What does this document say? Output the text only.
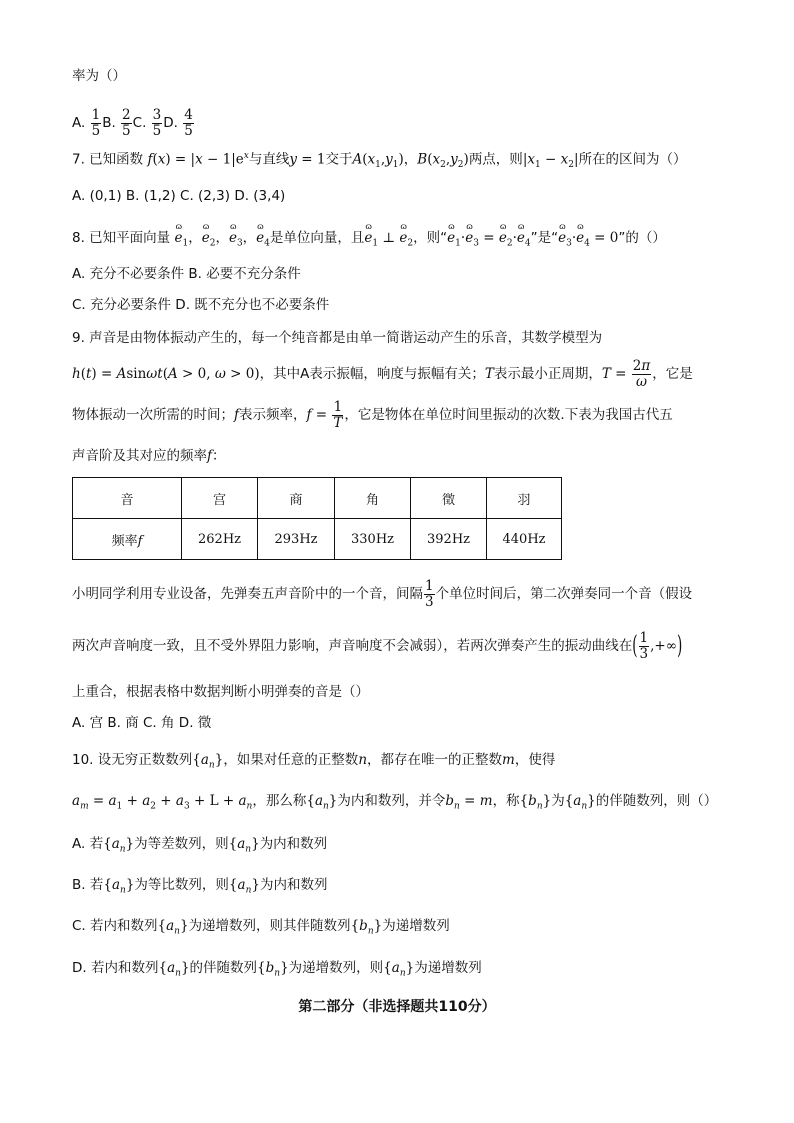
率为（）
A. $\frac{1}{5} B$. $\frac{2}{5} C$. $\frac{3}{5} D$. $\frac{4}{5}$
7. 已知函数 $f(x) = |x - 1|e^x$与直线y = 1交于$A(x_1,y_1)$，$B(x_2,y_2)$两点，则$|x_1 - x_2|$所在的区间为（）
A. (0,1) B. (1,2) C. (2,3) D. (3,4)
8. 已知平面向量 ɷ $e_1$，ɷ $e_2$，ɷ $e_3$，ɷ $e_4$是单位向量，且ɷ $e_1$ ⊥ ɷ $e_2$，则“ɷ $e_1\cdot ɷ$ $e_3$ = ɷ $e_2\cdot ɷ$ $e_4$”是“ɷ $e_3\cdot ɷ$ $e_4 = 0$”的（）
A. 充分不必要条件 B. 必要不充分条件
C. 充分必要条件 D. 既不充分也不必要条件
9. 声音是由物体振动产生的，每一个纯音都是由单一简谐运动产生的乐音，其数学模型为
h(t) = Asinωt(A > 0, ω > 0)，其中A表示振幅，响度与振幅有关；T表示最小正周期，$T = \frac{2\pi}{\omega}$ ，它是
物体振动一次所需的时间；f表示频率，$f = \frac{1}{T}$ ，它是物体在单位时间里振动的次数.下表为我国古代五
声音阶及其对应的频率f：
音	宫	商	角	徵	羽
频率f	262Hz	293Hz	330Hz	392Hz	440Hz
小明同学利用专业设备，先弹奏五声音阶中的一个音，间隔 $\frac{1}{3}$ 个单位时间后，第二次弹奏同一个音（假设
两次声音响度一致，且不受外界阻力影响，声音响度不会减弱），若两次弹奏产生的振动曲线在( $\frac{1}{3}$ ,+∞)
上重合，根据表格中数据判断小明弹奏的音是（）
A. 宫 B. 商 C. 角 D. 徵
10. 设无穷正数数列$\{a_n\}$，如果对任意的正整数n，都存在唯一的正整数m，使得
$a_m = a_1 + a_2 + a_3 + L + a_n$，那么称$\{a_n\}$为内和数列，并令$b_n = m$，称$\{b_n\}$为$\{a_n\}$的伴随数列，则（）
A. 若$\{a_n\}$为等差数列，则$\{a_n\}$为内和数列
B. 若$\{a_n\}$为等比数列，则$\{a_n\}$为内和数列
C. 若内和数列$\{a_n\}$为递增数列，则其伴随数列$\{b_n\}$为递增数列
D. 若内和数列$\{a_n\}$的伴随数列$\{b_n\}$为递增数列，则$\{a_n\}$为递增数列
第二部分（非选择题共110分）
